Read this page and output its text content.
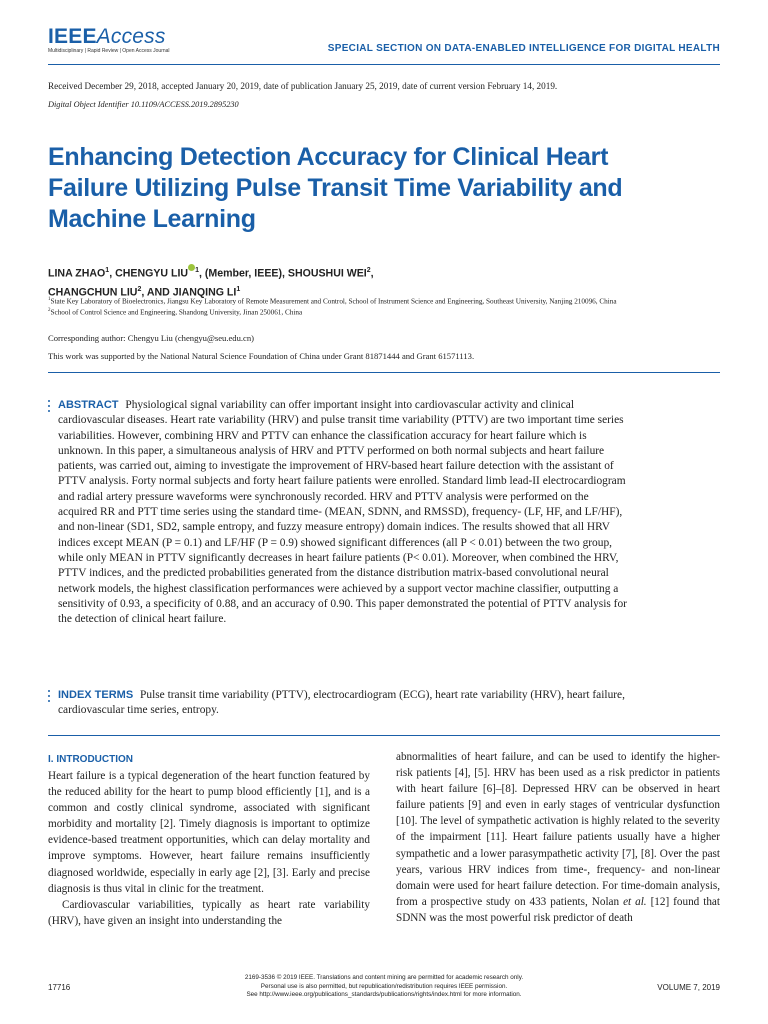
IEEEAccess
Multidisciplinary | Rapid Review | Open Access Journal	SPECIAL SECTION ON DATA-ENABLED INTELLIGENCE FOR DIGITAL HEALTH
Received December 29, 2018, accepted January 20, 2019, date of publication January 25, 2019, date of current version February 14, 2019.
Digital Object Identifier 10.1109/ACCESS.2019.2895230
Enhancing Detection Accuracy for Clinical Heart Failure Utilizing Pulse Transit Time Variability and Machine Learning
LINA ZHAO$^1$, CHENGYU LIU $^1$, (Member, IEEE), SHOUSHUI WEI$^2$,
CHANGCHUN LIU$^2$, AND JIANQING $LI^1$
$^1$State Key Laboratory of Bioelectronics, Jiangsu Key Laboratory of Remote Measurement and Control, School of Instrument Science and Engineering, Southeast University, Nanjing 210096, China
$^2$School of Control Science and Engineering, Shandong University, Jinan 250061, China
Corresponding author: Chengyu Liu (chengyu@seu.edu.cn)
This work was supported by the National Natural Science Foundation of China under Grant 81871444 and Grant 61571113.
ABSTRACT Physiological signal variability can offer important insight into cardiovascular activity and clinical cardiovascular diseases. Heart rate variability (HRV) and pulse transit time variability (PTTV) are two important time series variabilities. However, combining HRV and PTTV can enhance the classification accuracy for heart failure which is unknown. In this paper, a simultaneous analysis of HRV and PTTV performed on both normal subjects and heart failure patients, was carried out, aiming to investigate the improvement of HRV-based heart failure detection with the assistant of PTTV analysis. Forty normal subjects and forty heart failure patients were enrolled. Standard limb lead-II electrocardiogram and radial artery pressure waveforms were synchronously recorded. HRV and PTTV analysis were performed on the acquired RR and PTT time series using the standard time- (MEAN, SDNN, and RMSSD), frequency- (LF, HF, and LF/HF), and non-linear (SD1, SD2, sample entropy, and fuzzy measure entropy) domain indices. The results showed that all HRV indices except MEAN (P = 0.1) and LF/HF (P = 0.9) showed significant differences (all P < 0.01) between the two group, while only MEAN in PTTV significantly decreases in heart failure patients (P< 0.01). Moreover, when combined the HRV, PTTV indices, and the predicted probabilities generated from the distance distribution matrix-based convolutional neural network models, the highest classification performances were achieved by a support vector machine classifier, outputting a sensitivity of 0.93, a specificity of 0.88, and an accuracy of 0.90. This paper demonstrated the potential of PTTV analysis for the detection of clinical heart failure.
INDEX TERMS Pulse transit time variability (PTTV), electrocardiogram (ECG), heart rate variability (HRV), heart failure, cardiovascular time series, entropy.
I. INTRODUCTION

Heart failure is a typical degeneration of the heart function featured by the reduced ability for the heart to pump blood efficiently [1], and is a common and costly clinical syndrome, associated with significant morbidity and mortality [2]. Timely diagnosis is important to optimize evidence-based treatment opportunities, which can delay mortality and improve symptoms. However, heart failure remains insufficiently diagnosed worldwide, especially in early age [2], [3]. Early and precise diagnosis is thus vital in clinic for the treatment.

Cardiovascular variabilities, typically as heart rate variability (HRV), have given an insight into understanding the

abnormalities of heart failure, and can be used to identify the higher-risk patients [4], [5]. HRV has been used as a risk predictor in patients with heart failure [6]–[8]. Depressed HRV can be observed in heart failure patients [9] and even in early stages of ventricular dysfunction [10]. The level of sympathetic activation is highly related to the severity of the impairment [11]. Heart failure patients usually have a higher sympathetic and a lower parasympathetic activity [7], [8]. Over the past years, various HRV indices from time-, frequency- and non-linear domain were used for heart failure detection. For time-domain analysis, from a prospective study on 433 patients, Nolan et al. [12] found that SDNN was the most powerful risk predictor of death

17716
2169-3536 © 2019 IEEE. Translations and content mining are permitted for academic research only.
Personal use is also permitted, but republication/redistribution requires IEEE permission.
See http://www.ieee.org/publications_standards/publications/rights/index.html for more information.
VOLUME 7, 2019
